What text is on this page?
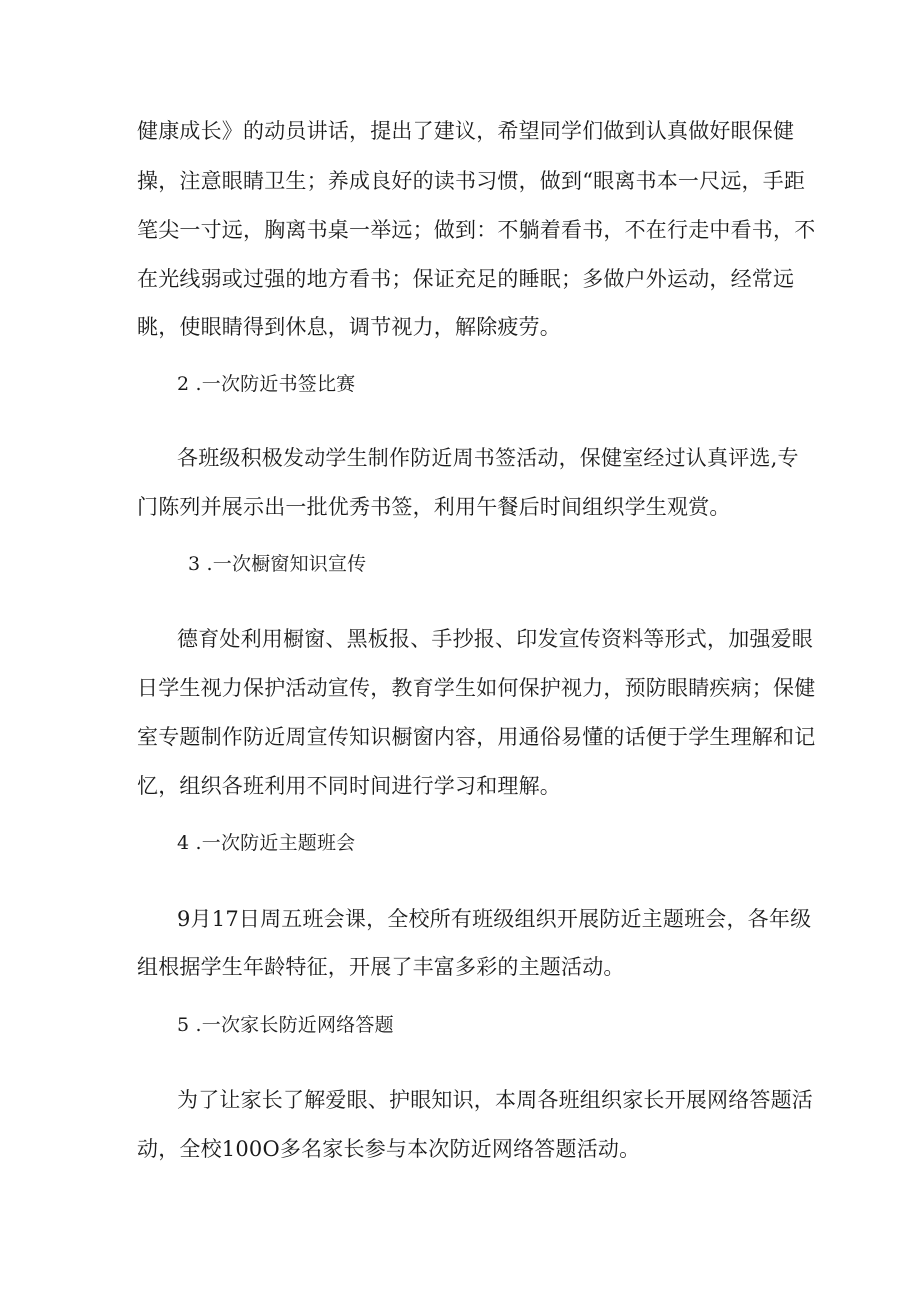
健康成长》的动员讲话，提出了建议，希望同学们做到认真做好眼保健
操，注意眼睛卫生；养成良好的读书习惯，做到“眼离书本一尺远，手距
笔尖一寸远，胸离书桌一举远；做到：不躺着看书，不在行走中看书，不
在光线弱或过强的地方看书；保证充足的睡眠；多做户外运动，经常远
眺，使眼睛得到休息，调节视力，解除疲劳。
2 .一次防近书签比赛
各班级积极发动学生制作防近周书签活动，保健室经过认真评选,专
门陈列并展示出一批优秀书签，利用午餐后时间组织学生观赏。
3 .一次橱窗知识宣传
德育处利用橱窗、黑板报、手抄报、印发宣传资料等形式，加强爱眼
日学生视力保护活动宣传，教育学生如何保护视力，预防眼睛疾病；保健
室专题制作防近周宣传知识橱窗内容，用通俗易懂的话便于学生理解和记
忆，组织各班利用不同时间进行学习和理解。
4 .一次防近主题班会
9月17日周五班会课，全校所有班级组织开展防近主题班会，各年级
组根据学生年龄特征，开展了丰富多彩的主题活动。
5 .一次家长防近网络答题
为了让家长了解爱眼、护眼知识，本周各班组织家长开展网络答题活
动，全校100O多名家长参与本次防近网络答题活动。
